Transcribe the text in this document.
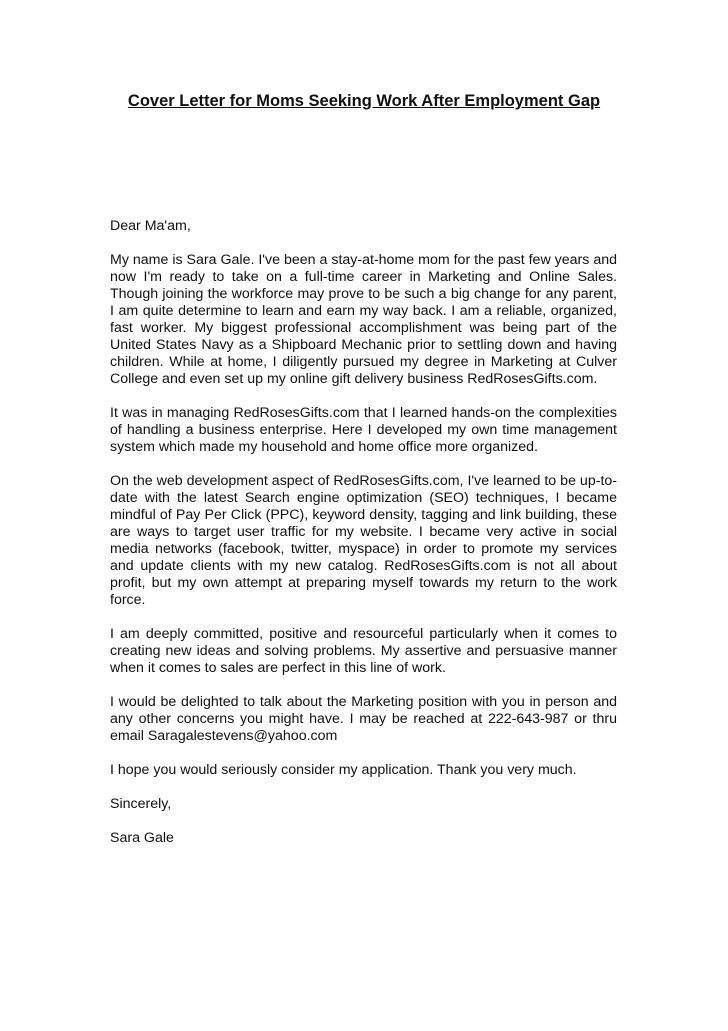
Cover Letter for Moms Seeking Work After Employment Gap

Dear Ma'am,

My name is Sara Gale. I've been a stay-at-home mom for the past few years and now I'm ready to take on a full-time career in Marketing and Online Sales. Though joining the workforce may prove to be such a big change for any parent, I am quite determine to learn and earn my way back. I am a reliable, organized, fast worker. My biggest professional accomplishment was being part of the United States Navy as a Shipboard Mechanic prior to settling down and having children. While at home, I diligently pursued my degree in Marketing at Culver College and even set up my online gift delivery business RedRosesGifts.com.

It was in managing RedRosesGifts.com that I learned hands-on the complexities of handling a business enterprise. Here I developed my own time management system which made my household and home office more organized.

On the web development aspect of RedRosesGifts.com, I've learned to be up-to-date with the latest Search engine optimization (SEO) techniques, I became mindful of Pay Per Click (PPC), keyword density, tagging and link building, these are ways to target user traffic for my website. I became very active in social media networks (facebook, twitter, myspace) in order to promote my services and update clients with my new catalog. RedRosesGifts.com is not all about profit, but my own attempt at preparing myself towards my return to the work force.

I am deeply committed, positive and resourceful particularly when it comes to creating new ideas and solving problems. My assertive and persuasive manner when it comes to sales are perfect in this line of work.

I would be delighted to talk about the Marketing position with you in person and any other concerns you might have. I may be reached at 222-643-987 or thru email Saragalestevens@yahoo.com

I hope you would seriously consider my application. Thank you very much.

Sincerely,

Sara Gale
